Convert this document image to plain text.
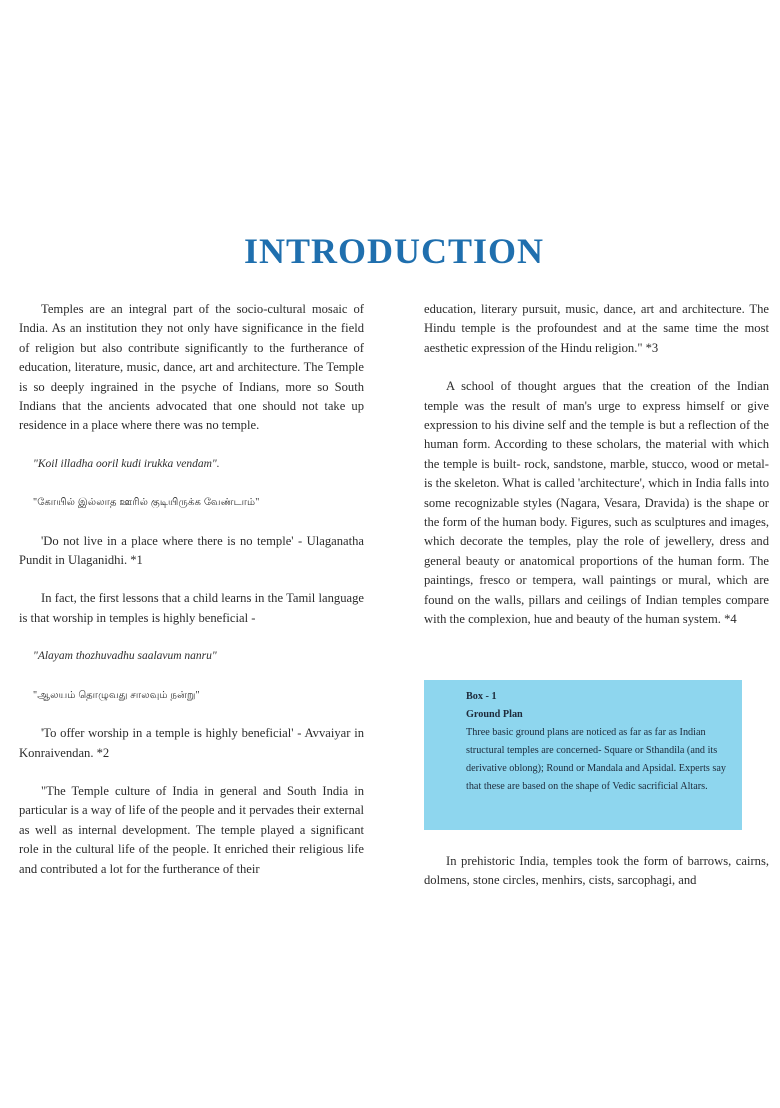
INTRODUCTION

Temples are an integral part of the socio-cultural mosaic of India. As an institution they not only have significance in the field of religion but also contribute significantly to the furtherance of education, literature, music, dance, art and architecture. The Temple is so deeply ingrained in the psyche of Indians, more so South Indians that the ancients advocated that one should not take up residence in a place where there was no temple.

"Koil illadha ooril kudi irukka vendam".

"கோயில் இல்லாத ஊரில் குடியிருக்க வேண்டாம்"

'Do not live in a place where there is no temple' - Ulaganatha Pundit in Ulaganidhi. *1

In fact, the first lessons that a child learns in the Tamil language is that worship in temples is highly beneficial -

"Alayam thozhuvadhu saalavum nanru"

"ஆலயம் தொழுவது சாலவும் நன்று"

'To offer worship in a temple is highly beneficial' - Avvaiyar in Konraivendan. *2

"The Temple culture of India in general and South India in particular is a way of life of the people and it pervades their external as well as internal development. The temple played a significant role in the cultural life of the people. It enriched their religious life and contributed a lot for the furtherance of their

education, literary pursuit, music, dance, art and architecture. The Hindu temple is the profoundest and at the same time the most aesthetic expression of the Hindu religion." *3

A school of thought argues that the creation of the Indian temple was the result of man's urge to express himself or give expression to his divine self and the temple is but a reflection of the human form. According to these scholars, the material with which the temple is built- rock, sandstone, marble, stucco, wood or metal- is the skeleton. What is called 'architecture', which in India falls into some recognizable styles (Nagara, Vesara, Dravida) is the shape or the form of the human body. Figures, such as sculptures and images, which decorate the temples, play the role of jewellery, dress and general beauty or anatomical proportions of the human form. The paintings, fresco or tempera, wall paintings or mural, which are found on the walls, pillars and ceilings of Indian temples compare with the complexion, hue and beauty of the human system. *4

Box - 1
Ground Plan
Three basic ground plans are noticed as far as far as Indian structural temples are concerned- Square or Sthandila (and its derivative oblong); Round or Mandala and Apsidal. Experts say that these are based on the shape of Vedic sacrificial Altars.

In prehistoric India, temples took the form of barrows, cairns, dolmens, stone circles, menhirs, cists, sarcophagi, and
